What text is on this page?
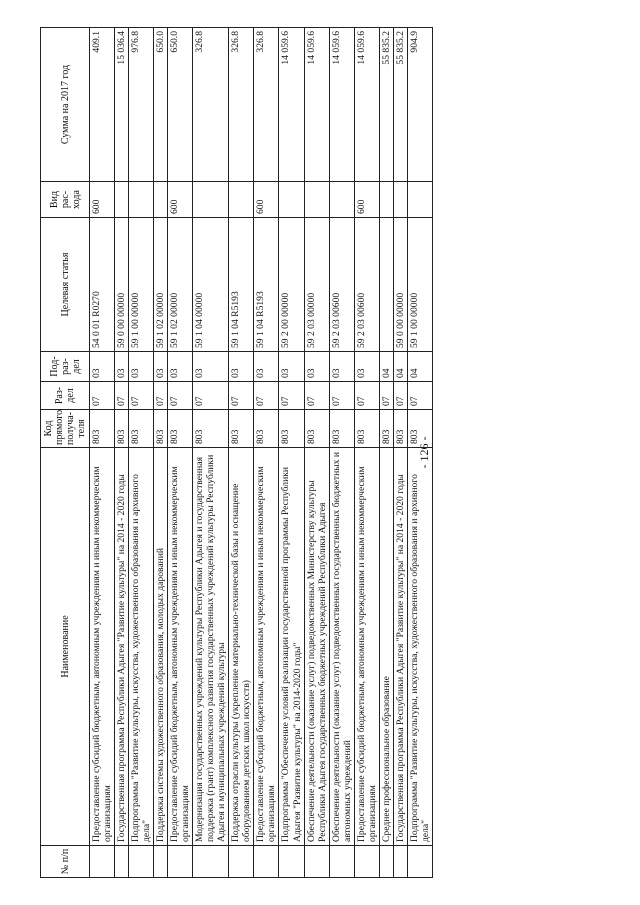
- 126 -
№ п/п	Наименование	Код прямого получа-теля	Раз-дел	Под-раз-дел	Целевая статья	Вид рас-хода	Сумма на 2017 год
	Предоставление субсидий бюджетным, автономным учреждениям и иным некоммерческим организациям	803	07	03	54 0 01 R0270	600	409.1
	Государственная программа Республики Адыгея "Развитие культуры" на 2014 - 2020 годы	803	07	03	59 0 00 00000		15 036.4
	Подпрограмма "Развитие культуры, искусства, художественного образования и архивного дела"	803	07	03	59 1 00 00000		976.8
	Поддержка системы художественного образования, молодых дарований	803	07	03	59 1 02 00000		650.0
	Предоставление субсидий бюджетным, автономным учреждениям и иным некоммерческим организациям	803	07	03	59 1 02 00000	600	650.0
	Модернизация государственных учреждений культуры Республики Адыгея и государственная поддержка (грант) комплексного развития государственных учреждений культуры Республики Адыгея и муниципальных учреждений культуры	803	07	03	59 1 04 00000		326.8
	Поддержка отрасли культуры (укрепление материально-технической базы и оснащение оборудованием детских школ искусств)	803	07	03	59 1 04 R5193		326.8
	Предоставление субсидий бюджетным, автономным учреждениям и иным некоммерческим организациям	803	07	03	59 1 04 R5193	600	326.8
	Подпрограмма "Обеспечение условий реализации государственной программы Республики Адыгея "Развитие культуры" на 2014-2020 годы"	803	07	03	59 2 00 00000		14 059.6
	Обеспечение деятельности (оказание услуг) подведомственных Министерству культуры Республики Адыгея государственных бюджетных учреждений Республики Адыгея	803	07	03	59 2 03 00000		14 059.6
	Обеспечение деятельности (оказание услуг) подведомственных государственных бюджетных и автономных учреждений	803	07	03	59 2 03 00600		14 059.6
	Предоставление субсидий бюджетным, автономным учреждениям и иным некоммерческим организациям	803	07	03	59 2 03 00600	600	14 059.6
	Среднее профессиональное образование	803	07	04			55 835.2
	Государственная программа Республики Адыгея "Развитие культуры" на 2014 - 2020 годы	803	07	04	59 0 00 00000		55 835.2
	Подпрограмма "Развитие культуры, искусства, художественного образования и архивного дела"	803	07	04	59 1 00 00000		904.9
